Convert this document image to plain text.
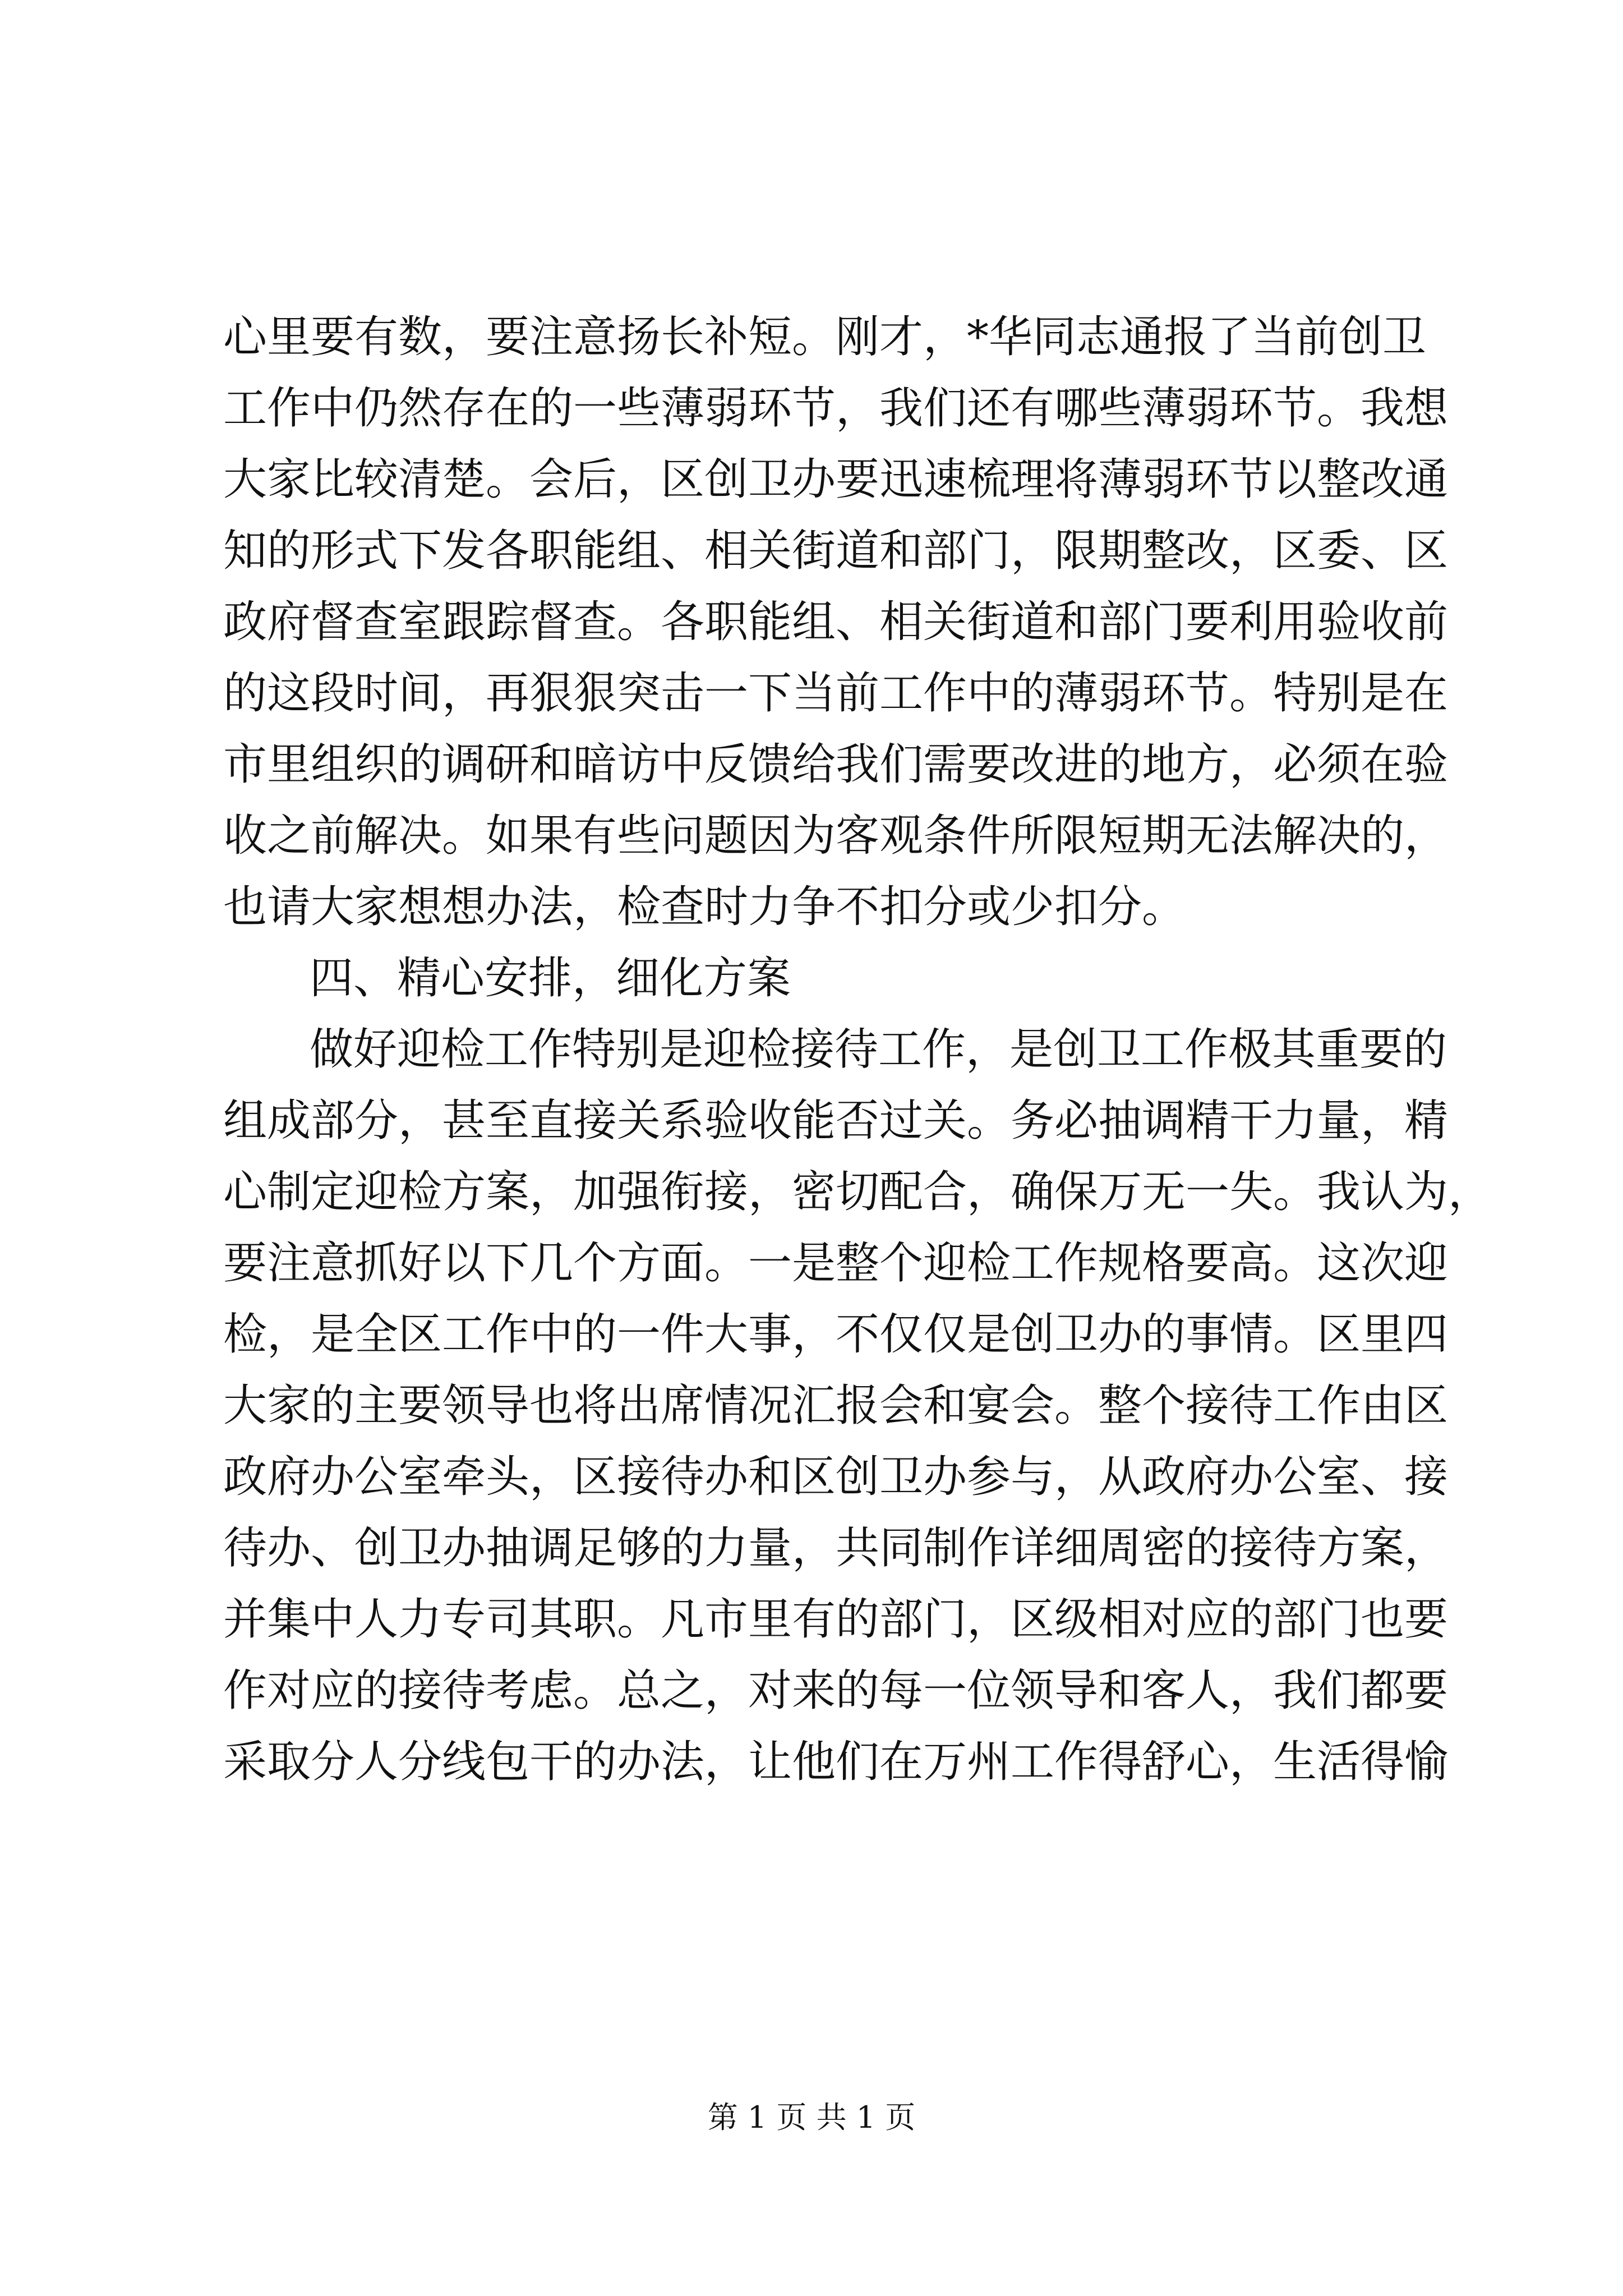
心里要有数，要注意扬长补短。刚才，*华同志通报了当前创卫
工作中仍然存在的一些薄弱环节，我们还有哪些薄弱环节。我想
大家比较清楚。会后，区创卫办要迅速梳理将薄弱环节以整改通
知的形式下发各职能组、相关街道和部门，限期整改，区委、区
政府督查室跟踪督查。各职能组、相关街道和部门要利用验收前
的这段时间，再狠狠突击一下当前工作中的薄弱环节。特别是在
市里组织的调研和暗访中反馈给我们需要改进的地方，必须在验
收之前解决。如果有些问题因为客观条件所限短期无法解决的，
也请大家想想办法，检查时力争不扣分或少扣分。
四、精心安排，细化方案
做好迎检工作特别是迎检接待工作，是创卫工作极其重要的
组成部分，甚至直接关系验收能否过关。务必抽调精干力量，精
心制定迎检方案，加强衔接，密切配合，确保万无一失。我认为，
要注意抓好以下几个方面。一是整个迎检工作规格要高。这次迎
检，是全区工作中的一件大事，不仅仅是创卫办的事情。区里四
大家的主要领导也将出席情况汇报会和宴会。整个接待工作由区
政府办公室牵头，区接待办和区创卫办参与，从政府办公室、接
待办、创卫办抽调足够的力量，共同制作详细周密的接待方案，
并集中人力专司其职。凡市里有的部门，区级相对应的部门也要
作对应的接待考虑。总之，对来的每一位领导和客人，我们都要
采取分人分线包干的办法，让他们在万州工作得舒心，生活得愉
第 1 页 共 1 页
